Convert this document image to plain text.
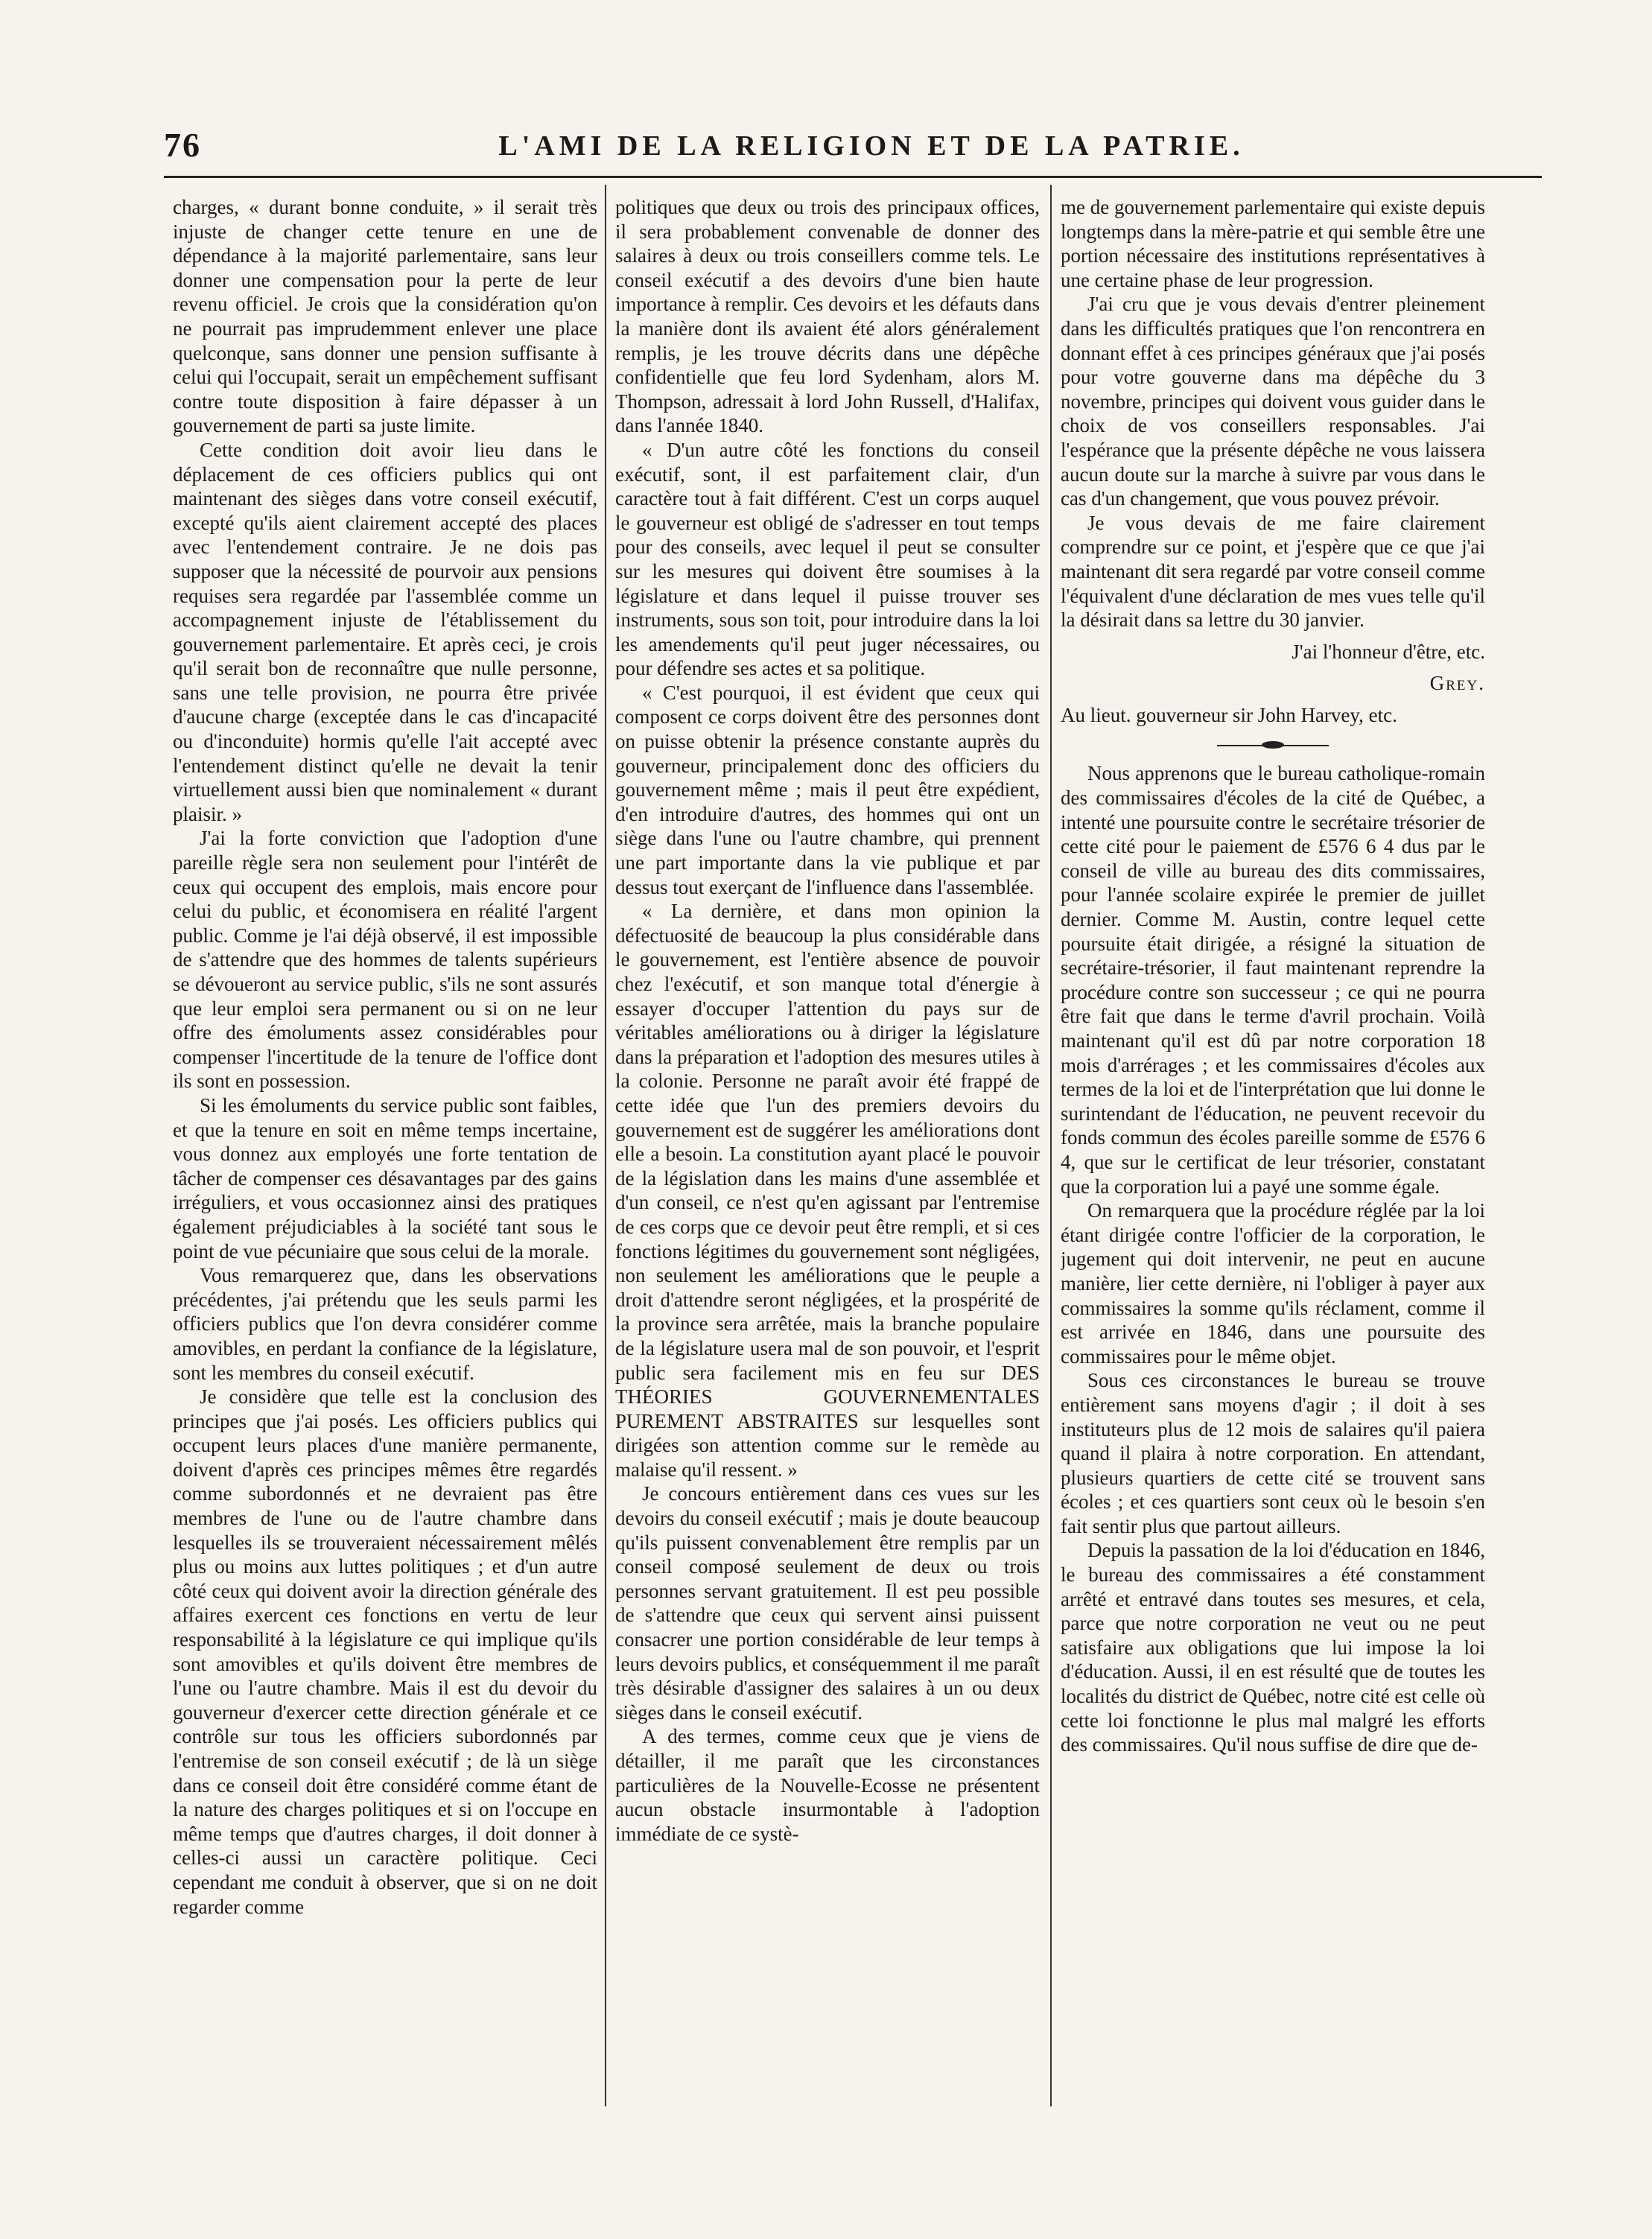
76	L'AMI DE LA RELIGION ET DE LA PATRIE.

charges, « durant bonne conduite, » il serait très injuste de changer cette tenure en une de dépendance à la majorité parlementaire, sans leur donner une compensation pour la perte de leur revenu officiel. Je crois que la considération qu'on ne pourrait pas imprudemment enlever une place quelconque, sans donner une pension suffisante à celui qui l'occupait, serait un empêchement suffisant contre toute disposition à faire dépasser à un gouvernement de parti sa juste limite.

Cette condition doit avoir lieu dans le déplacement de ces officiers publics qui ont maintenant des sièges dans votre conseil exécutif, excepté qu'ils aient clairement accepté des places avec l'entendement contraire. Je ne dois pas supposer que la nécessité de pourvoir aux pensions requises sera regardée par l'assemblée comme un accompagnement injuste de l'établissement du gouvernement parlementaire. Et après ceci, je crois qu'il serait bon de reconnaître que nulle personne, sans une telle provision, ne pourra être privée d'aucune charge (exceptée dans le cas d'incapacité ou d'inconduite) hormis qu'elle l'ait accepté avec l'entendement distinct qu'elle ne devait la tenir virtuellement aussi bien que nominalement « durant plaisir. »

J'ai la forte conviction que l'adoption d'une pareille règle sera non seulement pour l'intérêt de ceux qui occupent des emplois, mais encore pour celui du public, et économisera en réalité l'argent public. Comme je l'ai déjà observé, il est impossible de s'attendre que des hommes de talents supérieurs se dévoueront au service public, s'ils ne sont assurés que leur emploi sera permanent ou si on ne leur offre des émoluments assez considérables pour compenser l'incertitude de la tenure de l'office dont ils sont en possession.

Si les émoluments du service public sont faibles, et que la tenure en soit en même temps incertaine, vous donnez aux employés une forte tentation de tâcher de compenser ces désavantages par des gains irréguliers, et vous occasionnez ainsi des pratiques également préjudiciables à la société tant sous le point de vue pécuniaire que sous celui de la morale.

Vous remarquerez que, dans les observations précédentes, j'ai prétendu que les seuls parmi les officiers publics que l'on devra considérer comme amovibles, en perdant la confiance de la législature, sont les membres du conseil exécutif.

Je considère que telle est la conclusion des principes que j'ai posés. Les officiers publics qui occupent leurs places d'une manière permanente, doivent d'après ces principes mêmes être regardés comme subordonnés et ne devraient pas être membres de l'une ou de l'autre chambre dans lesquelles ils se trouveraient nécessairement mêlés plus ou moins aux luttes politiques ; et d'un autre côté ceux qui doivent avoir la direction générale des affaires exercent ces fonctions en vertu de leur responsabilité à la législature ce qui implique qu'ils sont amovibles et qu'ils doivent être membres de l'une ou l'autre chambre. Mais il est du devoir du gouverneur d'exercer cette direction générale et ce contrôle sur tous les officiers subordonnés par l'entremise de son conseil exécutif ; de là un siège dans ce conseil doit être considéré comme étant de la nature des charges politiques et si on l'occupe en même temps que d'autres charges, il doit donner à celles-ci aussi un caractère politique. Ceci cependant me conduit à observer, que si on ne doit regarder comme

politiques que deux ou trois des principaux offices, il sera probablement convenable de donner des salaires à deux ou trois conseillers comme tels. Le conseil exécutif a des devoirs d'une bien haute importance à remplir. Ces devoirs et les défauts dans la manière dont ils avaient été alors généralement remplis, je les trouve décrits dans une dépêche confidentielle que feu lord Sydenham, alors M. Thompson, adressait à lord John Russell, d'Halifax, dans l'année 1840.

« D'un autre côté les fonctions du conseil exécutif, sont, il est parfaitement clair, d'un caractère tout à fait différent. C'est un corps auquel le gouverneur est obligé de s'adresser en tout temps pour des conseils, avec lequel il peut se consulter sur les mesures qui doivent être soumises à la législature et dans lequel il puisse trouver ses instruments, sous son toit, pour introduire dans la loi les amendements qu'il peut juger nécessaires, ou pour défendre ses actes et sa politique.

« C'est pourquoi, il est évident que ceux qui composent ce corps doivent être des personnes dont on puisse obtenir la présence constante auprès du gouverneur, principalement donc des officiers du gouvernement même ; mais il peut être expédient, d'en introduire d'autres, des hommes qui ont un siège dans l'une ou l'autre chambre, qui prennent une part importante dans la vie publique et par dessus tout exerçant de l'influence dans l'assemblée.

« La dernière, et dans mon opinion la défectuosité de beaucoup la plus considérable dans le gouvernement, est l'entière absence de pouvoir chez l'exécutif, et son manque total d'énergie à essayer d'occuper l'attention du pays sur de véritables améliorations ou à diriger la législature dans la préparation et l'adoption des mesures utiles à la colonie. Personne ne paraît avoir été frappé de cette idée que l'un des premiers devoirs du gouvernement est de suggérer les améliorations dont elle a besoin. La constitution ayant placé le pouvoir de la législation dans les mains d'une assemblée et d'un conseil, ce n'est qu'en agissant par l'entremise de ces corps que ce devoir peut être rempli, et si ces fonctions légitimes du gouvernement sont négligées, non seulement les améliorations que le peuple a droit d'attendre seront négligées, et la prospérité de la province sera arrêtée, mais la branche populaire de la législature usera mal de son pouvoir, et l'esprit public sera facilement mis en feu sur DES THÉORIES GOUVERNEMENTALES PUREMENT ABSTRAITES sur lesquelles sont dirigées son attention comme sur le remède au malaise qu'il ressent. »

Je concours entièrement dans ces vues sur les devoirs du conseil exécutif ; mais je doute beaucoup qu'ils puissent convenablement être remplis par un conseil composé seulement de deux ou trois personnes servant gratuitement. Il est peu possible de s'attendre que ceux qui servent ainsi puissent consacrer une portion considérable de leur temps à leurs devoirs publics, et conséquemment il me paraît très désirable d'assigner des salaires à un ou deux sièges dans le conseil exécutif.

A des termes, comme ceux que je viens de détailler, il me paraît que les circonstances particulières de la Nouvelle-Ecosse ne présentent aucun obstacle insurmontable à l'adoption immédiate de ce systè-

me de gouvernement parlementaire qui existe depuis longtemps dans la mère-patrie et qui semble être une portion nécessaire des institutions représentatives à une certaine phase de leur progression.

J'ai cru que je vous devais d'entrer pleinement dans les difficultés pratiques que l'on rencontrera en donnant effet à ces principes généraux que j'ai posés pour votre gouverne dans ma dépêche du 3 novembre, principes qui doivent vous guider dans le choix de vos conseillers responsables. J'ai l'espérance que la présente dépêche ne vous laissera aucun doute sur la marche à suivre par vous dans le cas d'un changement, que vous pouvez prévoir.

Je vous devais de me faire clairement comprendre sur ce point, et j'espère que ce que j'ai maintenant dit sera regardé par votre conseil comme l'équivalent d'une déclaration de mes vues telle qu'il la désirait dans sa lettre du 30 janvier.

J'ai l'honneur d'être, etc.

Grey.

Au lieut. gouverneur sir John Harvey, etc.

Nous apprenons que le bureau catholique-romain des commissaires d'écoles de la cité de Québec, a intenté une poursuite contre le secrétaire trésorier de cette cité pour le paiement de £576 6 4 dus par le conseil de ville au bureau des dits commissaires, pour l'année scolaire expirée le premier de juillet dernier. Comme M. Austin, contre lequel cette poursuite était dirigée, a résigné la situation de secrétaire-trésorier, il faut maintenant reprendre la procédure contre son successeur ; ce qui ne pourra être fait que dans le terme d'avril prochain. Voilà maintenant qu'il est dû par notre corporation 18 mois d'arrérages ; et les commissaires d'écoles aux termes de la loi et de l'interprétation que lui donne le surintendant de l'éducation, ne peuvent recevoir du fonds commun des écoles pareille somme de £576 6 4, que sur le certificat de leur trésorier, constatant que la corporation lui a payé une somme égale.

On remarquera que la procédure réglée par la loi étant dirigée contre l'officier de la corporation, le jugement qui doit intervenir, ne peut en aucune manière, lier cette dernière, ni l'obliger à payer aux commissaires la somme qu'ils réclament, comme il est arrivée en 1846, dans une poursuite des commissaires pour le même objet.

Sous ces circonstances le bureau se trouve entièrement sans moyens d'agir ; il doit à ses instituteurs plus de 12 mois de salaires qu'il paiera quand il plaira à notre corporation. En attendant, plusieurs quartiers de cette cité se trouvent sans écoles ; et ces quartiers sont ceux où le besoin s'en fait sentir plus que partout ailleurs.

Depuis la passation de la loi d'éducation en 1846, le bureau des commissaires a été constamment arrêté et entravé dans toutes ses mesures, et cela, parce que notre corporation ne veut ou ne peut satisfaire aux obligations que lui impose la loi d'éducation. Aussi, il en est résulté que de toutes les localités du district de Québec, notre cité est celle où cette loi fonctionne le plus mal malgré les efforts des commissaires. Qu'il nous suffise de dire que de-
